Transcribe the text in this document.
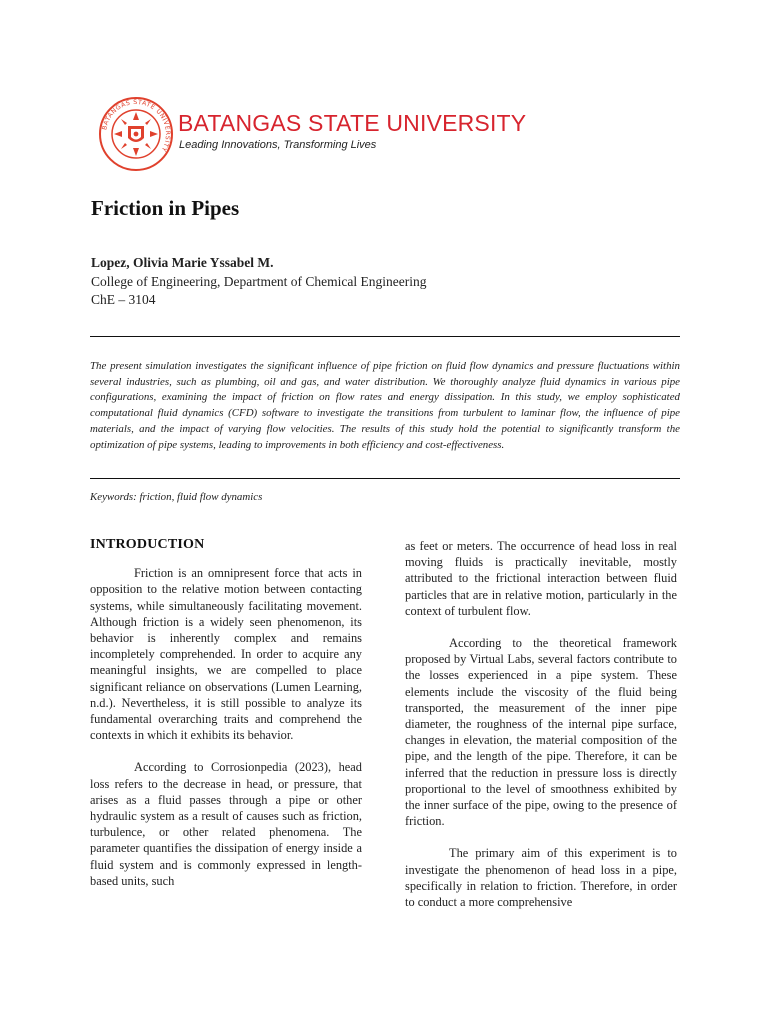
BATANGAS STATE UNIVERSITY
BATANGAS STATE UNIVERSITY
Leading Innovations, Transforming Lives
Friction in Pipes
Lopez, Olivia Marie Yssabel M.
College of Engineering, Department of Chemical Engineering
ChE – 3104
The present simulation investigates the significant influence of pipe friction on fluid flow dynamics and pressure fluctuations within several industries, such as plumbing, oil and gas, and water distribution. We thoroughly analyze fluid dynamics in various pipe configurations, examining the impact of friction on flow rates and energy dissipation. In this study, we employ sophisticated computational fluid dynamics (CFD) software to investigate the transitions from turbulent to laminar flow, the influence of pipe materials, and the impact of varying flow velocities. The results of this study hold the potential to significantly transform the optimization of pipe systems, leading to improvements in both efficiency and cost-effectiveness.
Keywords: friction, fluid flow dynamics
INTRODUCTION

Friction is an omnipresent force that acts in opposition to the relative motion between contacting systems, while simultaneously facilitating movement. Although friction is a widely seen phenomenon, its behavior is inherently complex and remains incompletely comprehended. In order to acquire any meaningful insights, we are compelled to place significant reliance on observations (Lumen Learning, n.d.). Nevertheless, it is still possible to analyze its fundamental overarching traits and comprehend the contexts in which it exhibits its behavior.

According to Corrosionpedia (2023), head loss refers to the decrease in head, or pressure, that arises as a fluid passes through a pipe or other hydraulic system as a result of causes such as friction, turbulence, or other related phenomena. The parameter quantifies the dissipation of energy inside a fluid system and is commonly expressed in length-based units, such

as feet or meters. The occurrence of head loss in real moving fluids is practically inevitable, mostly attributed to the frictional interaction between fluid particles that are in relative motion, particularly in the context of turbulent flow.

According to the theoretical framework proposed by Virtual Labs, several factors contribute to the losses experienced in a pipe system. These elements include the viscosity of the fluid being transported, the measurement of the inner pipe diameter, the roughness of the internal pipe surface, changes in elevation, the material composition of the pipe, and the length of the pipe. Therefore, it can be inferred that the reduction in pressure loss is directly proportional to the level of smoothness exhibited by the inner surface of the pipe, owing to the presence of friction.

The primary aim of this experiment is to investigate the phenomenon of head loss in a pipe, specifically in relation to friction. Therefore, in order to conduct a more comprehensive
